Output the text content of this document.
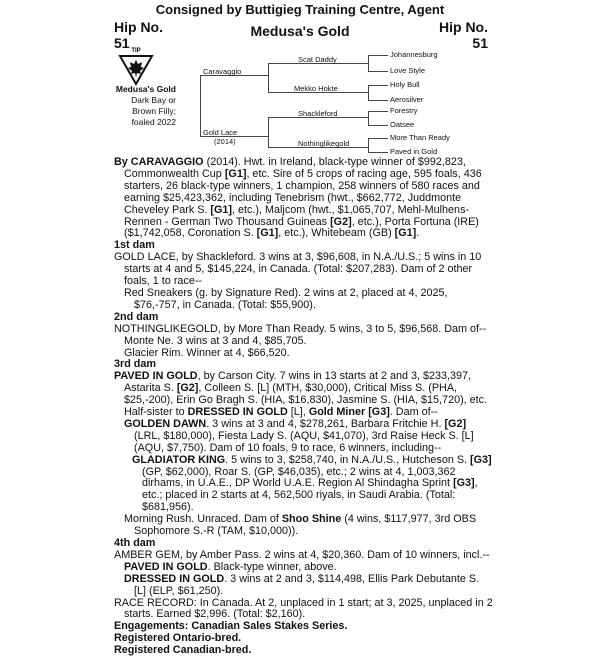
Consigned by Buttigieg Training Centre, Agent
Hip No.
51
Hip No.
51
Medusa's Gold
TIP
Medusa's Gold
Dark Bay or
Brown Filly;
foaled 2022
Caravaggio
Gold Lace
(2014)
Scat Daddy
Mekko Hokte
Shackleford
Nothinglikegold
Johannesburg
Love Style
Holy Bull
Aerosilver
Forestry
Oatsee
More Than Ready
Paved in Gold

By CARAVAGGIO (2014). Hwt. in Ireland, black-type winner of $992,823, Commonwealth Cup [G1], etc. Sire of 5 crops of racing age, 595 foals, 436 starters, 26 black-type winners, 1 champion, 258 winners of 580 races and earning $25,423,362, including Tenebrism (hwt., $662,772, Juddmonte Cheveley Park S. [G1], etc.), Maljcom (hwt., $1,065,707, Mehl-Mulhens-Rennen - German Two Thousand Guineas [G2], etc.), Porta Fortuna (IRE) ($1,742,058, Coronation S. [G1], etc.), Whitebeam (GB) [G1].

1st dam

GOLD LACE, by Shackleford. 3 wins at 3, $96,608, in N.A./U.S.; 5 wins in 10 starts at 4 and 5, $145,224, in Canada. (Total: $207,283). Dam of 2 other foals, 1 to race--

Red Sneakers (g. by Signature Red). 2 wins at 2, placed at 4, 2025, $76,-757, in Canada. (Total: $55,900).

2nd dam

NOTHINGLIKEGOLD, by More Than Ready. 5 wins, 3 to 5, $96,568. Dam of--

Monte Ne. 3 wins at 3 and 4, $85,705.

Glacier Rim. Winner at 4, $66,520.

3rd dam

PAVED IN GOLD, by Carson City. 7 wins in 13 starts at 2 and 3, $233,397, Astarita S. [G2], Colleen S. [L] (MTH, $30,000), Critical Miss S. (PHA, $25,-200), Erin Go Bragh S. (HIA, $16,830), Jasmine S. (HIA, $15,720), etc. Half-sister to DRESSED IN GOLD [L], Gold Miner [G3]. Dam of--

GOLDEN DAWN. 3 wins at 3 and 4, $278,261, Barbara Fritchie H. [G2] (LRL, $180,000), Fiesta Lady S. (AQU, $41,070), 3rd Raise Heck S. [L] (AQU, $7,750). Dam of 10 foals, 9 to race, 6 winners, including--

GLADIATOR KING. 5 wins to 3, $258,740, in N.A./U.S., Hutcheson S. [G3] (GP, $62,000), Roar S. (GP, $46,035), etc.; 2 wins at 4, 1,003,362 dirhams, in U.A.E., DP World U.A.E. Region Al Shindagha Sprint [G3], etc.; placed in 2 starts at 4, 562,500 riyals, in Saudi Arabia. (Total: $681,956).

Morning Rush. Unraced. Dam of Shoo Shine (4 wins, $117,977, 3rd OBS Sophomore S.-R (TAM, $10,000)).

4th dam

AMBER GEM, by Amber Pass. 2 wins at 4, $20,360. Dam of 10 winners, incl.--

PAVED IN GOLD. Black-type winner, above.

DRESSED IN GOLD. 3 wins at 2 and 3, $114,498, Ellis Park Debutante S. [L] (ELP, $61,250).

RACE RECORD: In Canada. At 2, unplaced in 1 start; at 3, 2025, unplaced in 2 starts. Earned $2,996. (Total: $2,160).

Engagements: Canadian Sales Stakes Series.

Registered Ontario-bred.

Registered Canadian-bred.
